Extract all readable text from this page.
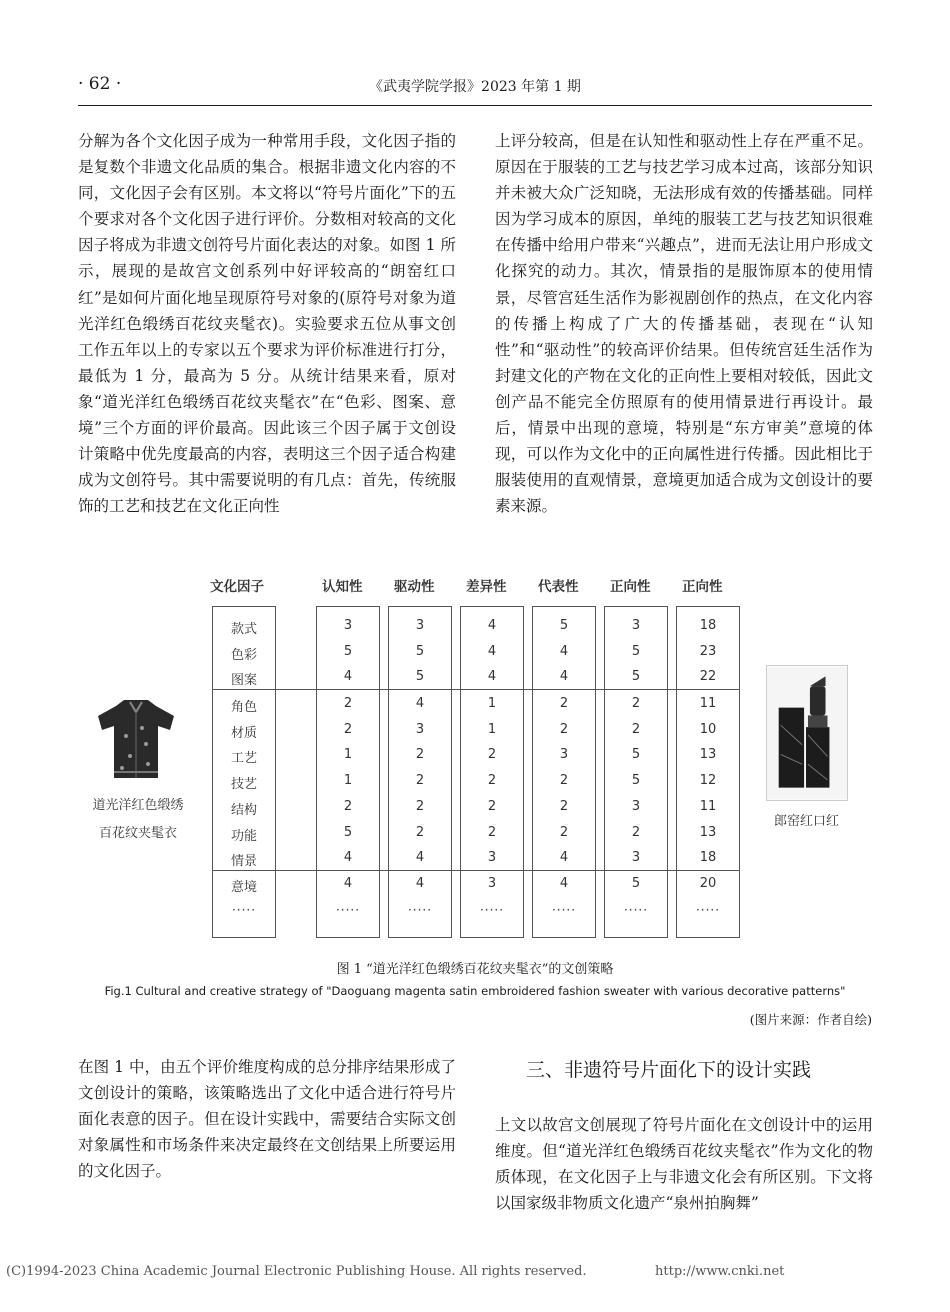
· 62 ·	《武夷学院学报》2023 年第 1 期

分解为各个文化因子成为一种常用手段，文化因子指的是复数个非遗文化品质的集合。根据非遗文化内容的不同，文化因子会有区别。本文将以“符号片面化”下的五个要求对各个文化因子进行评价。分数相对较高的文化因子将成为非遗文创符号片面化表达的对象。如图 1 所示，展现的是故宫文创系列中好评较高的“朗窑红口红”是如何片面化地呈现原符号对象的(原符号对象为道光洋红色缎绣百花纹夹髦衣)。实验要求五位从事文创工作五年以上的专家以五个要求为评价标准进行打分，最低为 1 分，最高为 5 分。从统计结果来看，原对象“道光洋红色缎绣百花纹夹髦衣”在“色彩、图案、意境”三个方面的评价最高。因此该三个因子属于文创设计策略中优先度最高的内容，表明这三个因子适合构建成为文创符号。其中需要说明的有几点：首先，传统服饰的工艺和技艺在文化正向性

上评分较高，但是在认知性和驱动性上存在严重不足。原因在于服装的工艺与技艺学习成本过高，该部分知识并未被大众广泛知晓，无法形成有效的传播基础。同样因为学习成本的原因，单纯的服装工艺与技艺知识很难在传播中给用户带来“兴趣点”，进而无法让用户形成文化探究的动力。其次，情景指的是服饰原本的使用情景，尽管宫廷生活作为影视剧创作的热点，在文化内容的传播上构成了广大的传播基础，表现在“认知性”和“驱动性”的较高评价结果。但传统宫廷生活作为封建文化的产物在文化的正向性上要相对较低，因此文创产品不能完全仿照原有的使用情景进行再设计。最后，情景中出现的意境，特别是“东方审美”意境的体现，可以作为文化中的正向属性进行传播。因此相比于服装使用的直观情景，意境更加适合成为文创设计的要素来源。

道光洋红色缎绣
百花纹夹髦衣
文化因子	认知性 驱动性 差异性 代表性 正向性 正向性
款式	3	3	4	5	3	18
色彩	5	5	4	4	5	23
图案	4	5	4	4	5	22
角色	2	4	1	2	2	11
材质	2	3	1	2	2	10
工艺	1	2	2	3	5	13
技艺	1	2	2	2	5	12
结构	2	2	2	2	3	11
功能	5	2	2	2	2	13
情景	4	4	3	4	3	18
意境	4	4	3	4	5	20
·····	·····	·····	·····	·····	·····	·····
郎窑红口红
图 1 “道光洋红色缎绣百花纹夹髦衣”的文创策略
Fig.1 Cultural and creative strategy of "Daoguang magenta satin embroidered fashion sweater with various decorative patterns"
(图片来源：作者自绘)

在图 1 中，由五个评价维度构成的总分排序结果形成了文创设计的策略，该策略选出了文化中适合进行符号片面化表意的因子。但在设计实践中，需要结合实际文创对象属性和市场条件来决定最终在文创结果上所要运用的文化因子。

三、非遗符号片面化下的设计实践

上文以故宫文创展现了符号片面化在文创设计中的运用维度。但“道光洋红色缎绣百花纹夹髦衣”作为文化的物质体现，在文化因子上与非遗文化会有所区别。下文将以国家级非物质文化遗产“泉州拍胸舞”

(C)1994-2023 China Academic Journal Electronic Publishing House. All rights reserved.	http://www.cnki.net
